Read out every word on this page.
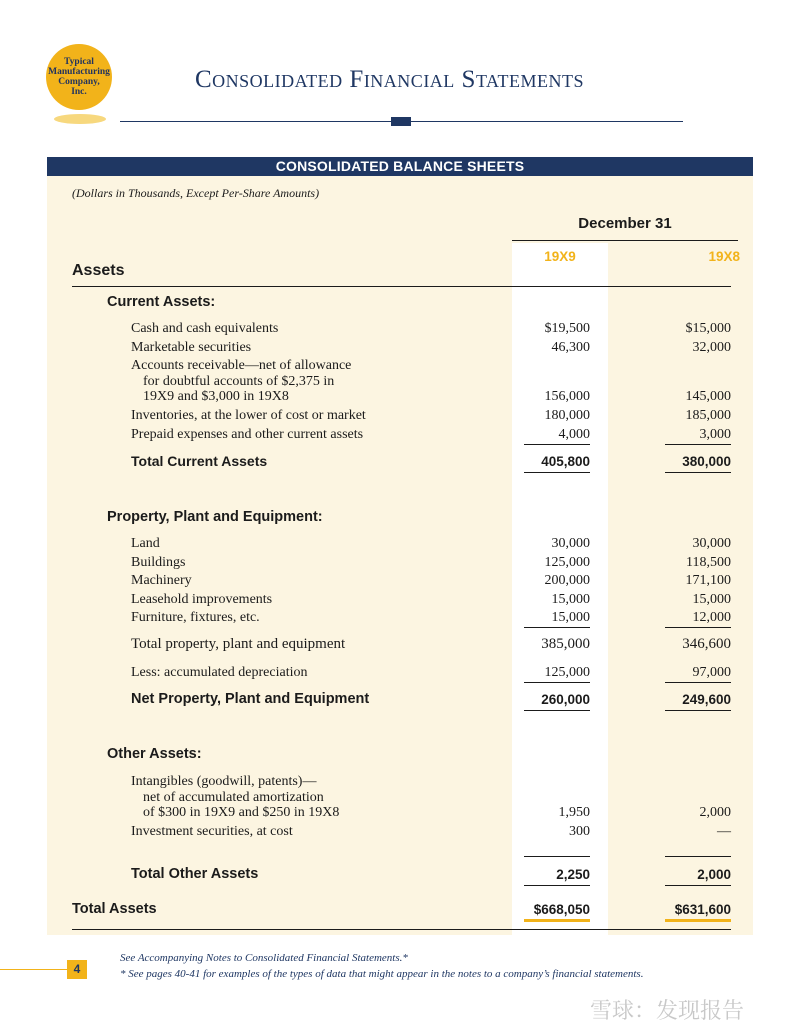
Typical
Manufacturing
Company,
Inc.	Consolidated Financial Statements
CONSOLIDATED BALANCE SHEETS
(Dollars in Thousands, Except Per-Share Amounts)
December 31
19X9	19X8
Assets
Current Assets:
Cash and cash equivalents	$19,500	$15,000
Marketable securities	46,300	32,000
Accounts receivable—net of allowance
for doubtful accounts of $2,375 in
19X9 and $3,000 in 19X8	156,000	145,000
Inventories, at the lower of cost or market	180,000	185,000
Prepaid expenses and other current assets	4,000	3,000
Total Current Assets	405,800	380,000
Property, Plant and Equipment:
Land	30,000	30,000
Buildings	125,000	118,500
Machinery	200,000	171,100
Leasehold improvements	15,000	15,000
Furniture, fixtures, etc.	15,000	12,000
Total property, plant and equipment	385,000	346,600
Less: accumulated depreciation	125,000	97,000
Net Property, Plant and Equipment	260,000	249,600
Other Assets:
Intangibles (goodwill, patents)—
net of accumulated amortization
of $300 in 19X9 and $250 in 19X8	1,950	2,000
Investment securities, at cost	300	—
Total Other Assets	2,250	2,000
Total Assets	$668,050	$631,600
4
See Accompanying Notes to Consolidated Financial Statements.*
* See pages 40-41 for examples of the types of data that might appear in the notes to a company’s financial statements.
雪球：发现报告
